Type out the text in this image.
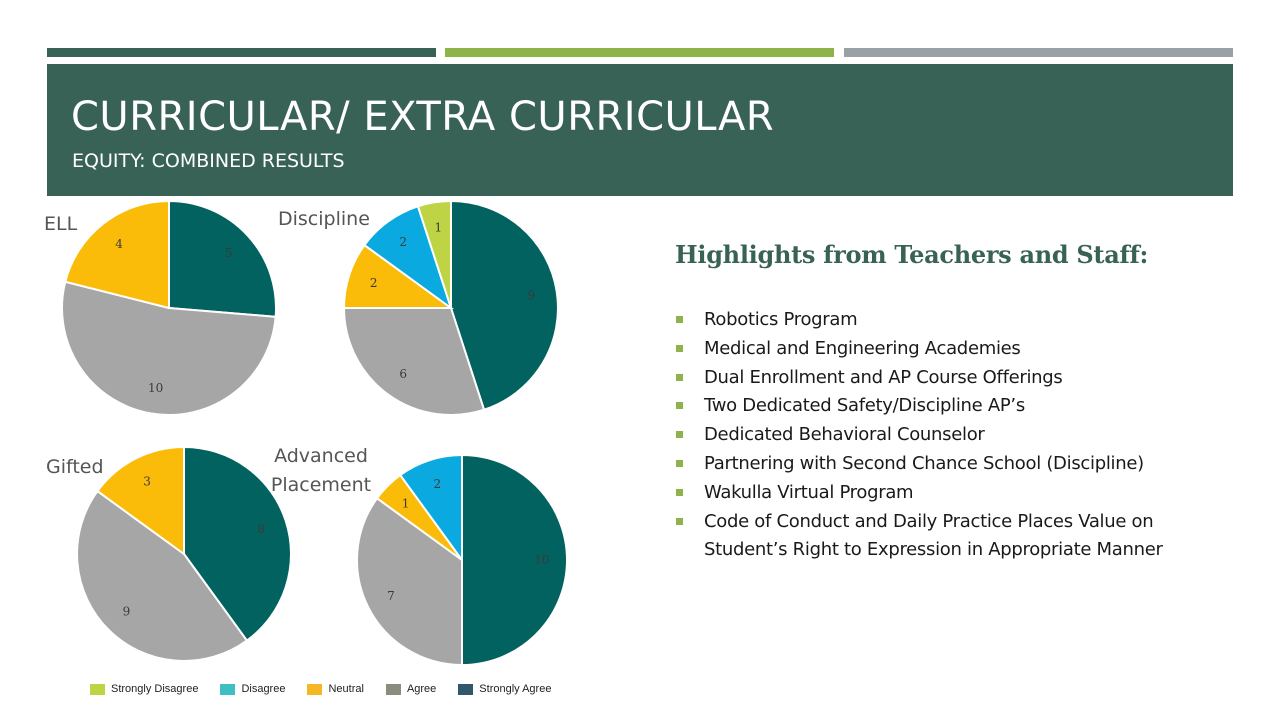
CURRICULAR/ EXTRA CURRICULAR
EQUITY: COMBINED RESULTS
5
10
4
9
6
2
2
1
8
9
3
10
7
1
2
ELL	Discipline
Gifted	Advanced
Placement
Strongly Disagree	Disagree	Neutral	Agree	Strongly Agree
Highlights from Teachers and Staff:
Robotics Program
Medical and Engineering Academies
Dual Enrollment and AP Course Offerings
Two Dedicated Safety/Discipline AP’s
Dedicated Behavioral Counselor
Partnering with Second Chance School (Discipline)
Wakulla Virtual Program
Code of Conduct and Daily Practice Places Value on Student’s Right to Expression in Appropriate Manner
